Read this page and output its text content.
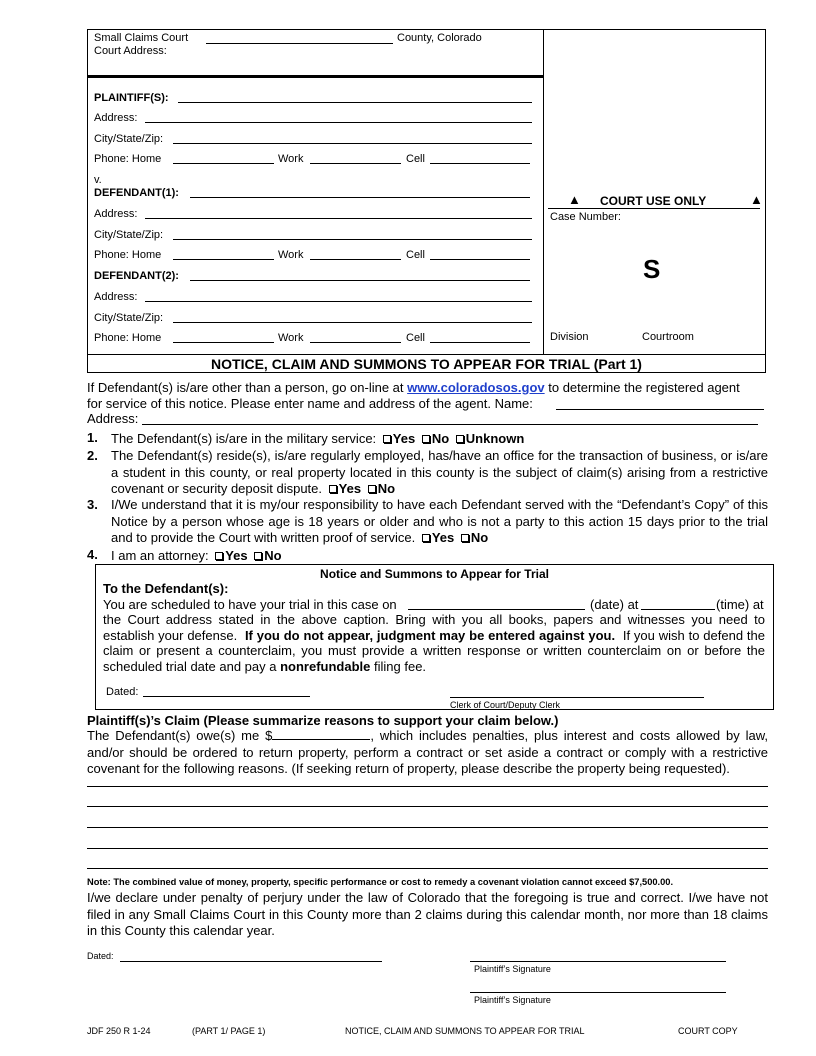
Small Claims Court	County, Colorado
Court Address:
PLAINTIFF(S):
Address:
City/State/Zip:
Phone: Home	Work	Cell
v.
DEFENDANT(1):
Address:
City/State/Zip:
Phone: Home	Work	Cell
DEFENDANT(2):
Address:
City/State/Zip:
Phone: Home	Work	Cell
▲ COURT USE ONLY	▲
Case Number:
S
Division	Courtroom
NOTICE, CLAIM AND SUMMONS TO APPEAR FOR TRIAL (Part 1)
If Defendant(s) is/are other than a person, go on-line at www.coloradosos.gov to determine the registered agent
for service of this notice. Please enter name and address of the agent. Name:
Address:
1. The Defendant(s) is/are in the military service: Yes No Unknown
2. The Defendant(s) reside(s), is/are regularly employed, has/have an office for the transaction of business, or is/are a student in this county, or real property located in this county is the subject of claim(s) arising from a restrictive covenant or security deposit dispute. Yes No
3. I/We understand that it is my/our responsibility to have each Defendant served with the “Defendant’s Copy” of this Notice by a person whose age is 18 years or older and who is not a party to this action 15 days prior to the trial and to provide the Court with written proof of service. Yes No
4. I am an attorney: Yes No
Notice and Summons to Appear for Trial
To the Defendant(s):
You are scheduled to have your trial in this case on	(date) at	(time) at
the Court address stated in the above caption. Bring with you all books, papers and witnesses you need to establish your defense. If you do not appear, judgment may be entered against you. If you wish to defend the claim or present a counterclaim, you must provide a written response or written counterclaim on or before the scheduled trial date and pay a nonrefundable filing fee.
Dated:
Clerk of Court/Deputy Clerk
Plaintiff(s)’s Claim (Please summarize reasons to support your claim below.)
The Defendant(s) owe(s) me $	, which includes penalties, plus interest and costs allowed by law, and/or should be ordered to return property, perform a contract or set aside a contract or comply with a restrictive covenant for the following reasons. (If seeking return of property, please describe the property being requested).
Note: The combined value of money, property, specific performance or cost to remedy a covenant violation cannot exceed $7,500.00.
I/we declare under penalty of perjury under the law of Colorado that the foregoing is true and correct. I/we have not filed in any Small Claims Court in this County more than 2 claims during this calendar month, nor more than 18 claims in this County this calendar year.
Dated:
Plaintiff’s Signature
Plaintiff’s Signature
JDF 250 R 1-24	(PART 1/ PAGE 1)	NOTICE, CLAIM AND SUMMONS TO APPEAR FOR TRIAL	COURT COPY
